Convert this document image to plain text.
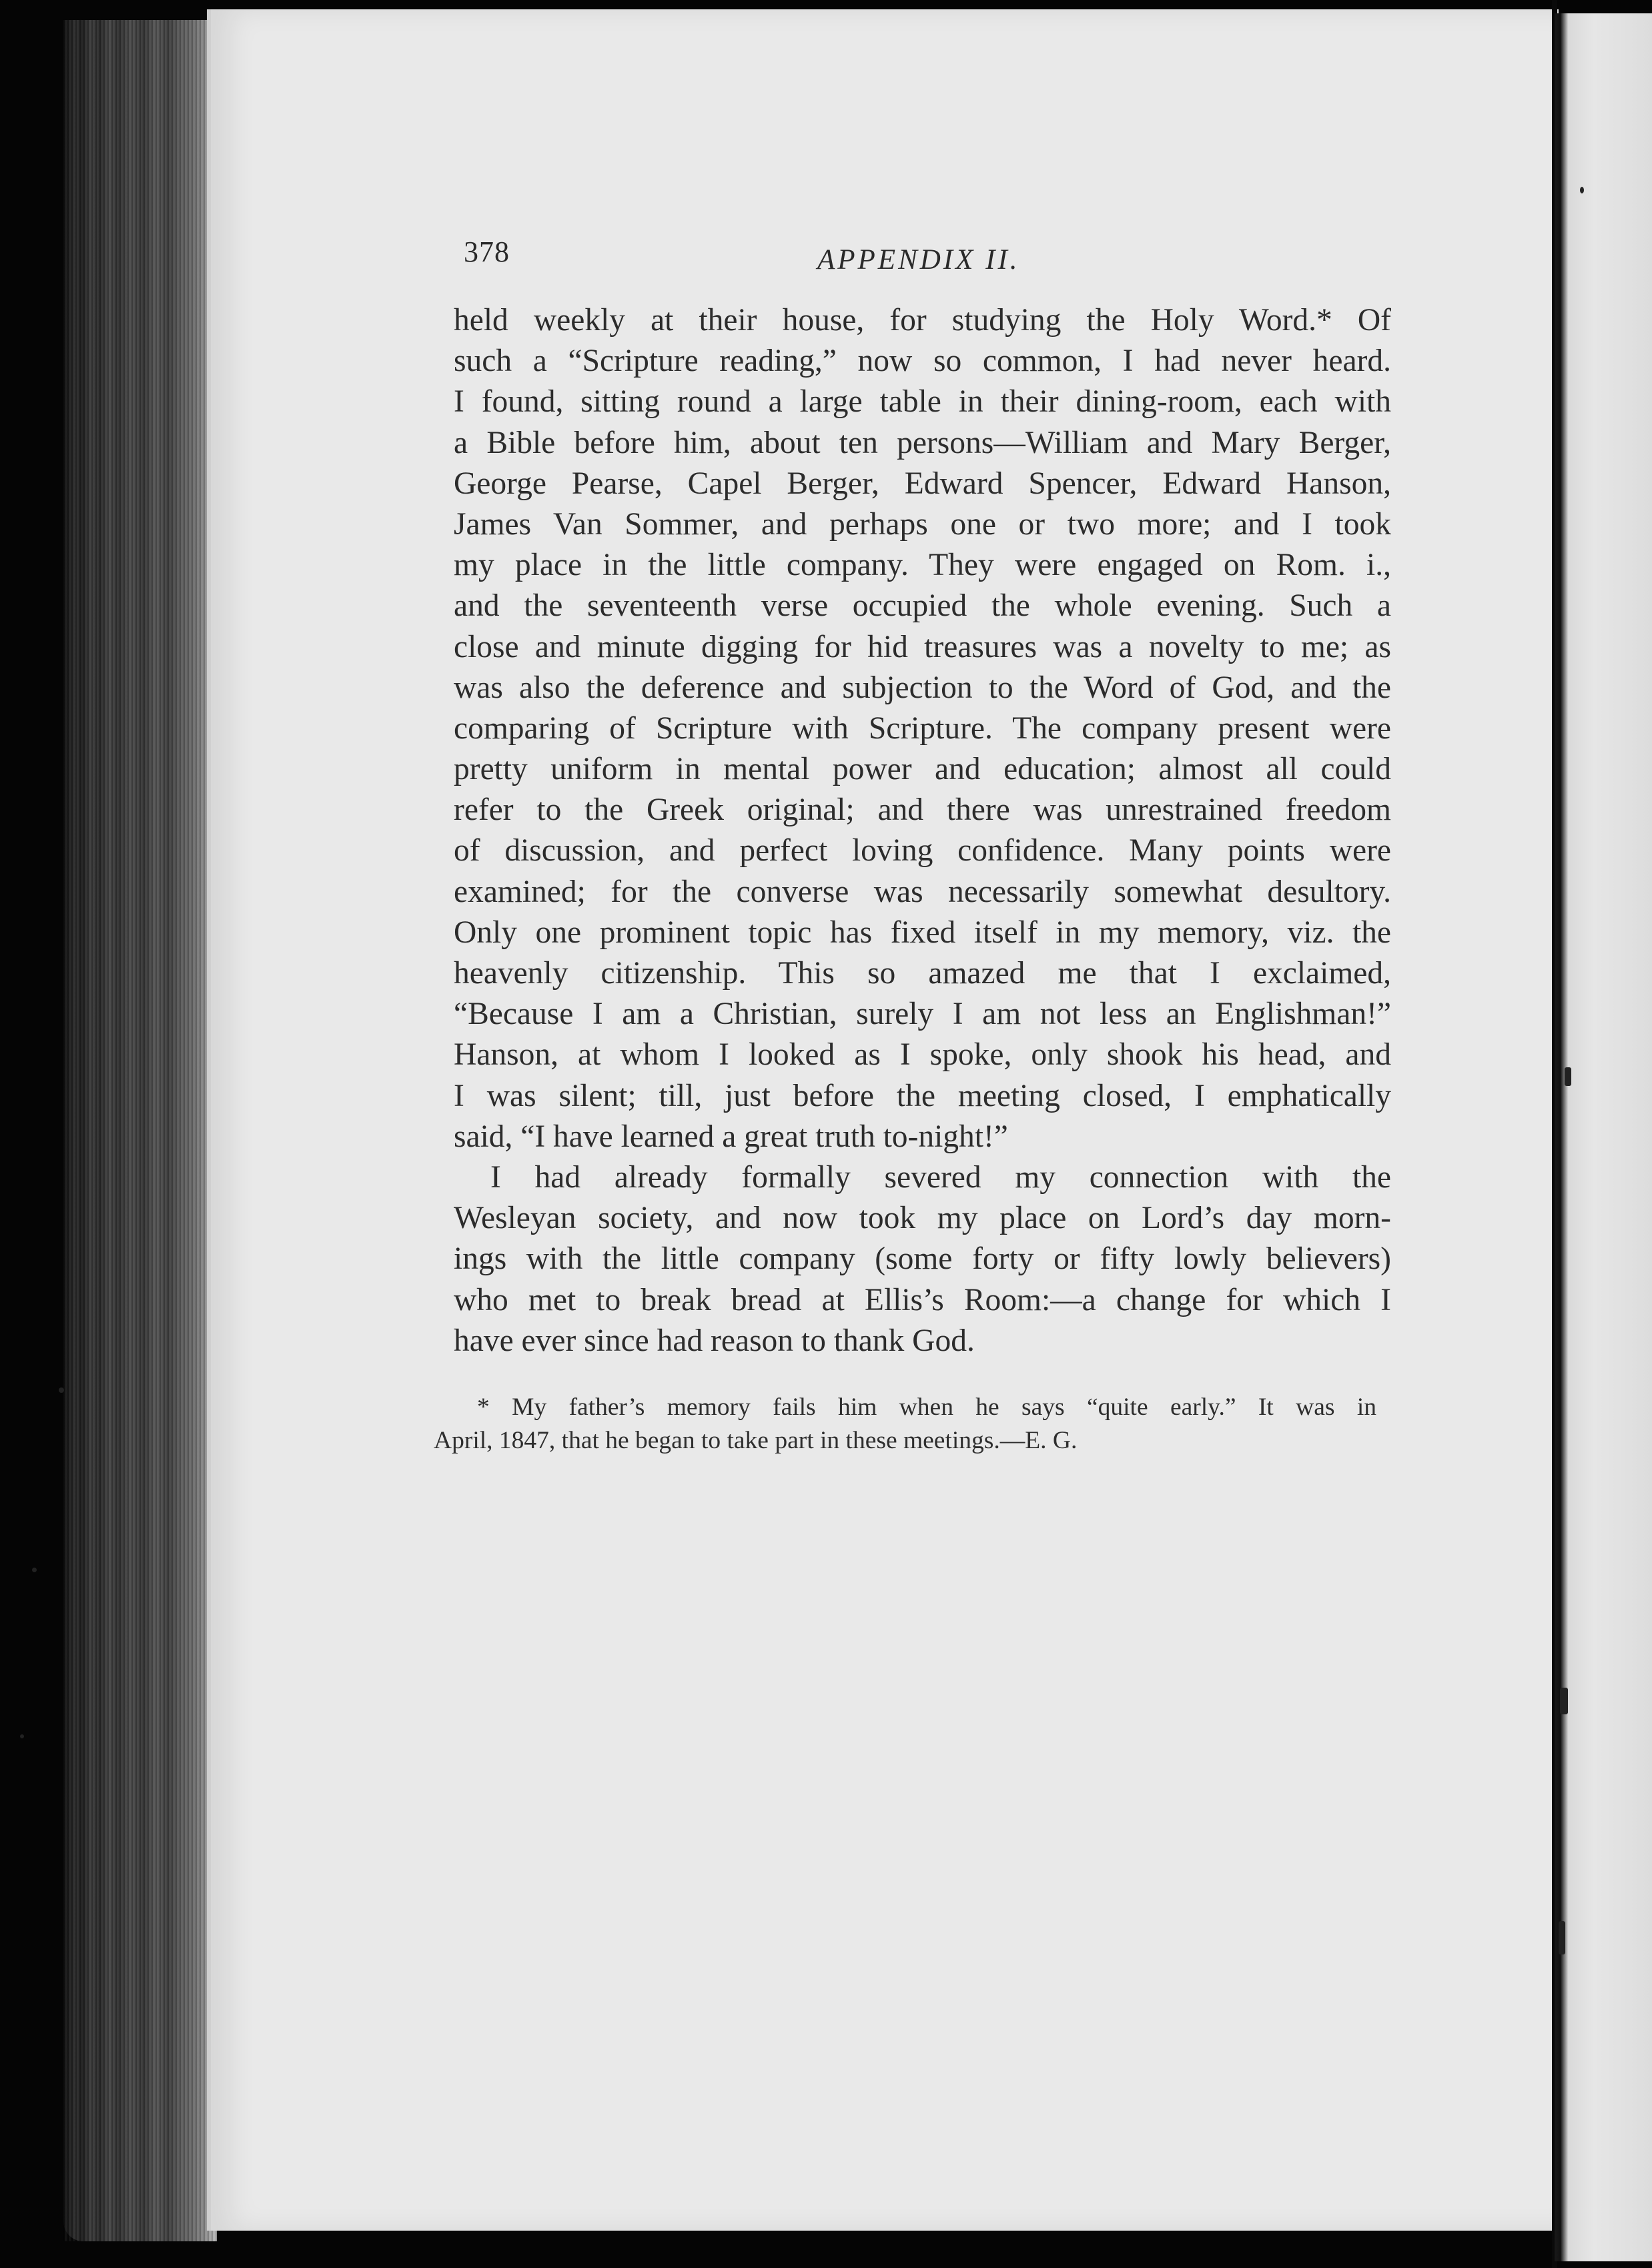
378	APPENDIX II.
held weekly at their house, for studying the Holy Word.* Of
such a “Scripture reading,” now so common, I had never heard.
I found, sitting round a large table in their dining-room, each with
a Bible before him, about ten persons—William and Mary Berger,
George Pearse, Capel Berger, Edward Spencer, Edward Hanson,
James Van Sommer, and perhaps one or two more; and I took
my place in the little company. They were engaged on Rom. i.,
and the seventeenth verse occupied the whole evening. Such a
close and minute digging for hid treasures was a novelty to me; as
was also the deference and subjection to the Word of God, and the
comparing of Scripture with Scripture. The company present were
pretty uniform in mental power and education; almost all could
refer to the Greek original; and there was unrestrained freedom
of discussion, and perfect loving confidence. Many points were
examined; for the converse was necessarily somewhat desultory.
Only one prominent topic has fixed itself in my memory, viz. the
heavenly citizenship. This so amazed me that I exclaimed,
“Because I am a Christian, surely I am not less an Englishman!”
Hanson, at whom I looked as I spoke, only shook his head, and
I was silent; till, just before the meeting closed, I emphatically
said, “I have learned a great truth to-night!”
I had already formally severed my connection with the
Wesleyan society, and now took my place on Lord’s day morn-
ings with the little company (some forty or fifty lowly believers)
who met to break bread at Ellis’s Room:—a change for which I
have ever since had reason to thank God.
* My father’s memory fails him when he says “quite early.” It was in
April, 1847, that he began to take part in these meetings.—E. G.
